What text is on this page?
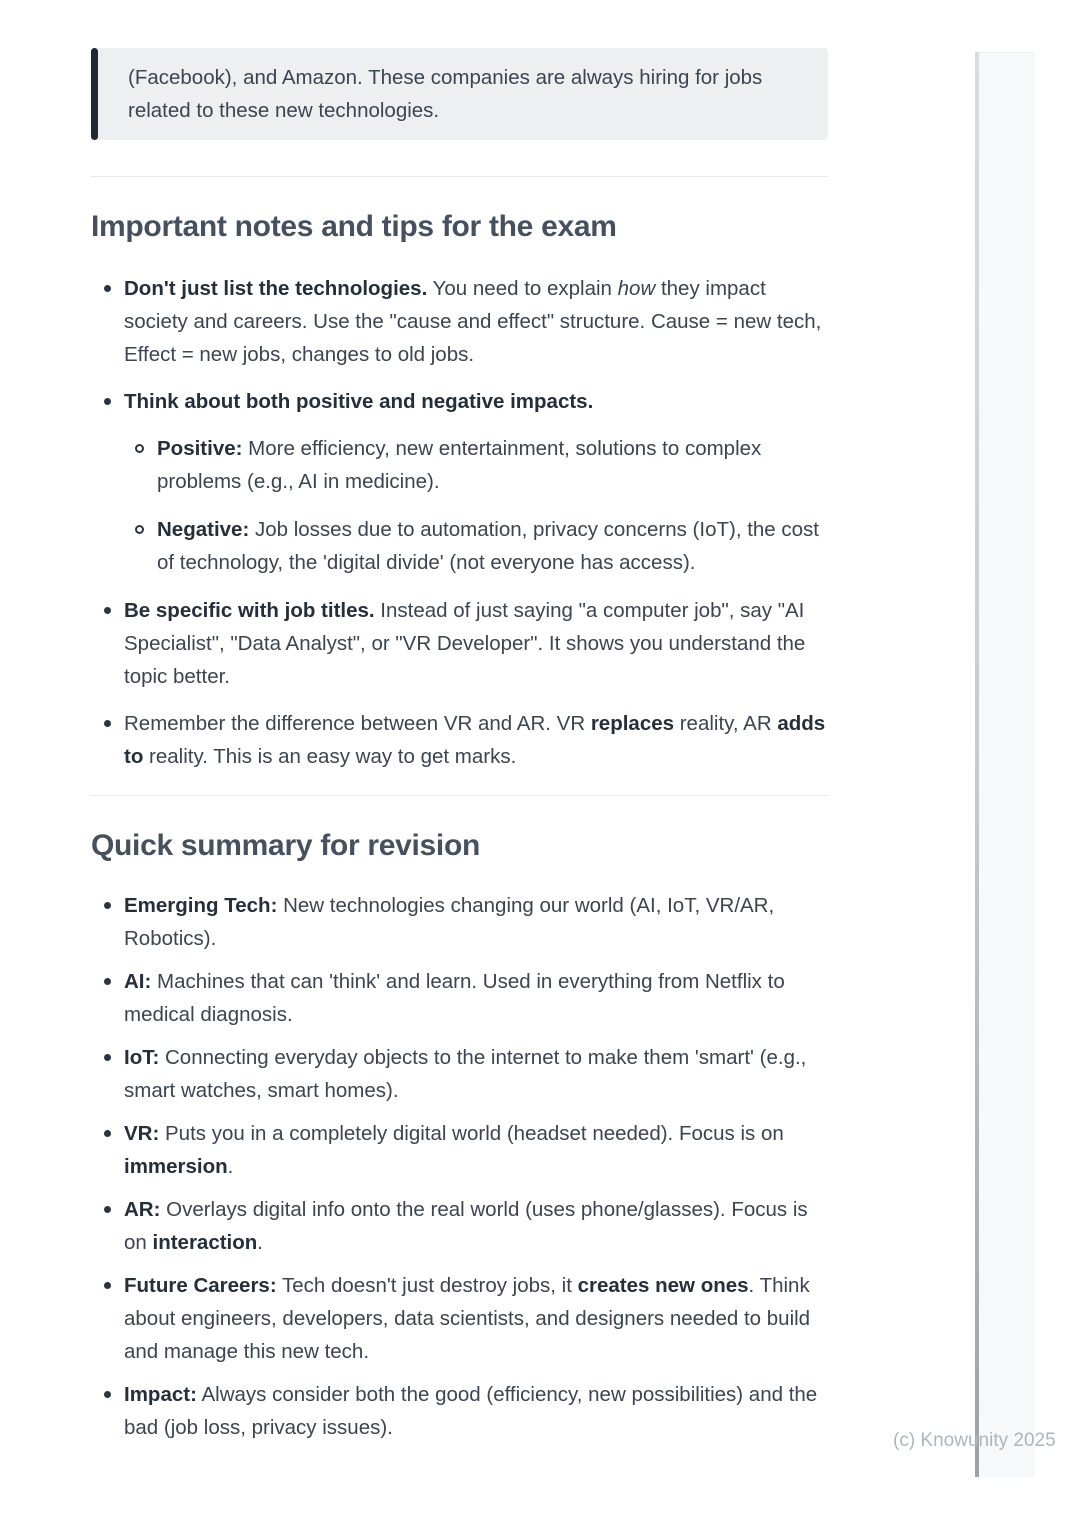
(Facebook), and Amazon. These companies are always hiring for jobs related to these new technologies.
Important notes and tips for the exam
Don't just list the technologies. You need to explain how they impact society and careers. Use the "cause and effect" structure. Cause = new tech, Effect = new jobs, changes to old jobs.
Think about both positive and negative impacts.
Positive: More efficiency, new entertainment, solutions to complex problems (e.g., AI in medicine).
Negative: Job losses due to automation, privacy concerns (IoT), the cost of technology, the 'digital divide' (not everyone has access).
Be specific with job titles. Instead of just saying "a computer job", say "AI Specialist", "Data Analyst", or "VR Developer". It shows you understand the topic better.
Remember the difference between VR and AR. VR replaces reality, AR adds to reality. This is an easy way to get marks.
Quick summary for revision
Emerging Tech: New technologies changing our world (AI, IoT, VR/AR, Robotics).
AI: Machines that can 'think' and learn. Used in everything from Netflix to medical diagnosis.
IoT: Connecting everyday objects to the internet to make them 'smart' (e.g., smart watches, smart homes).
VR: Puts you in a completely digital world (headset needed). Focus is on immersion.
AR: Overlays digital info onto the real world (uses phone/glasses). Focus is on interaction.
Future Careers: Tech doesn't just destroy jobs, it creates new ones. Think about engineers, developers, data scientists, and designers needed to build and manage this new tech.
Impact: Always consider both the good (efficiency, new possibilities) and the bad (job loss, privacy issues).
(c) Knowunity 2025
